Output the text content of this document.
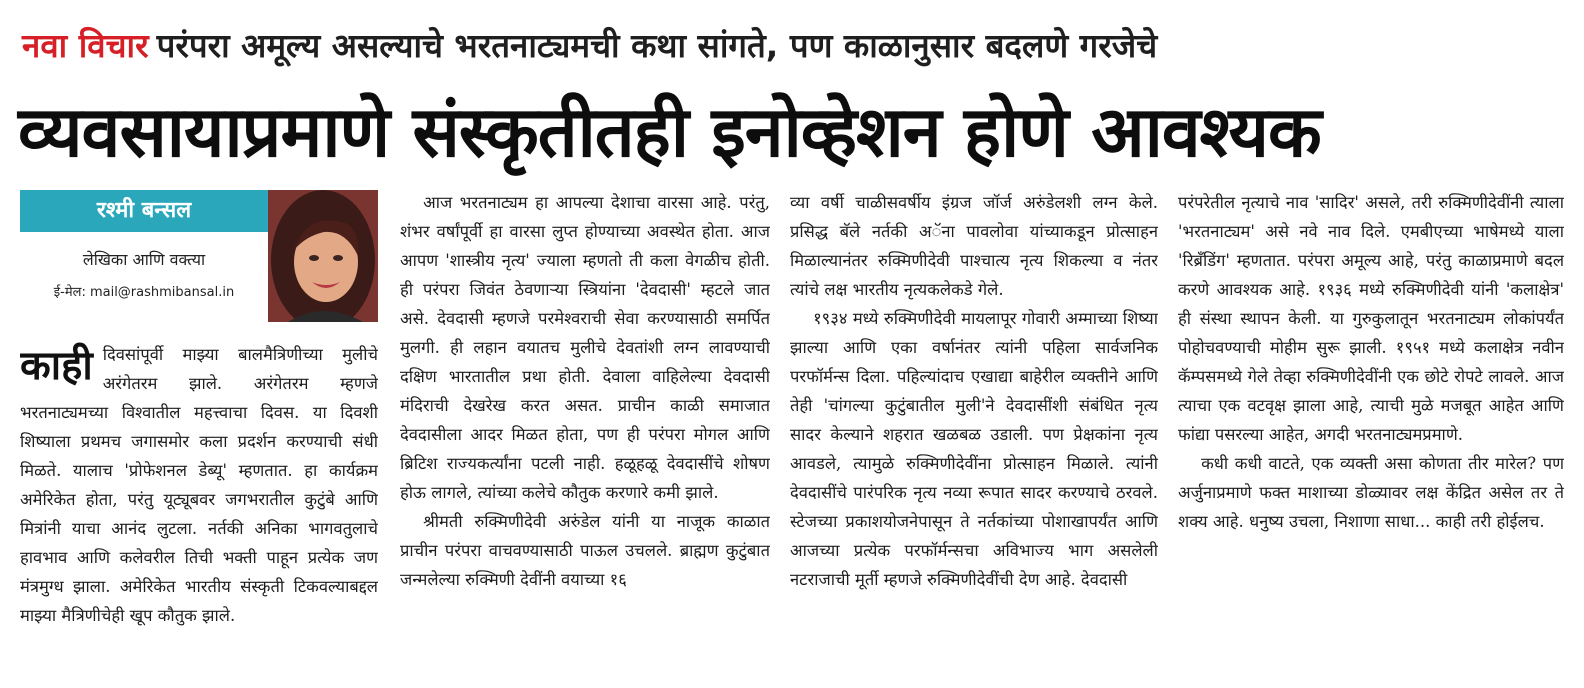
नवा विचार परंपरा अमूल्य असल्याचे भरतनाट्यमची कथा सांगते, पण काळानुसार बदलणे गरजेचे
व्यवसायाप्रमाणे संस्कृतीतही इनोव्हेशन होणे आवश्यक
रश्मी बन्सल
लेखिका आणि वक्त्या
ई-मेल: mail@rashmibansal.in

काही दिवसांपूर्वी माझ्या बालमैत्रिणीच्या मुलीचे अरंगेतरम झाले. अरंगेतरम म्हणजे भरतनाट्यमच्या विश्वातील महत्त्वाचा दिवस. या दिवशी शिष्याला प्रथमच जगासमोर कला प्रदर्शन करण्याची संधी मिळते. यालाच 'प्रोफेशनल डेब्यू' म्हणतात. हा कार्यक्रम अमेरिकेत होता, परंतु यूट्यूबवर जगभरातील कुटुंबे आणि मित्रांनी याचा आनंद लुटला. नर्तकी अनिका भागवतुलाचे हावभाव आणि कलेवरील तिची भक्ती पाहून प्रत्येक जण मंत्रमुग्ध झाला. अमेरिकेत भारतीय संस्कृती टिकवल्याबद्दल माझ्या मैत्रिणीचेही खूप कौतुक झाले.

आज भरतनाट्यम हा आपल्या देशाचा वारसा आहे. परंतु, शंभर वर्षांपूर्वी हा वारसा लुप्त होण्याच्या अवस्थेत होता. आज आपण 'शास्त्रीय नृत्य' ज्याला म्हणतो ती कला वेगळीच होती. ही परंपरा जिवंत ठेवणाऱ्या स्त्रियांना 'देवदासी' म्हटले जात असे. देवदासी म्हणजे परमेश्वराची सेवा करण्यासाठी समर्पित मुलगी. ही लहान वयातच मुलीचे देवतांशी लग्न लावण्याची दक्षिण भारतातील प्रथा होती. देवाला वाहिलेल्या देवदासी मंदिराची देखरेख करत असत. प्राचीन काळी समाजात देवदासीला आदर मिळत होता, पण ही परंपरा मोगल आणि ब्रिटिश राज्यकर्त्यांना पटली नाही. हळूहळू देवदासींचे शोषण होऊ लागले, त्यांच्या कलेचे कौतुक करणारे कमी झाले.

श्रीमती रुक्मिणीदेवी अरुंडेल यांनी या नाजूक काळात प्राचीन परंपरा वाचवण्यासाठी पाऊल उचलले. ब्राह्मण कुटुंबात जन्मलेल्या रुक्मिणी देवींनी वयाच्या १६

व्या वर्षी चाळीसवर्षीय इंग्रज जॉर्ज अरुंडेलशी लग्न केले. प्रसिद्ध बॅले नर्तकी अॅना पावलोवा यांच्याकडून प्रोत्साहन मिळाल्यानंतर रुक्मिणीदेवी पाश्चात्य नृत्य शिकल्या व नंतर त्यांचे लक्ष भारतीय नृत्यकलेकडे गेले.

१९३४ मध्ये रुक्मिणीदेवी मायलापूर गोवारी अम्माच्या शिष्या झाल्या आणि एका वर्षानंतर त्यांनी पहिला सार्वजनिक परफॉर्मन्स दिला. पहिल्यांदाच एखाद्या बाहेरील व्यक्तीने आणि तेही 'चांगल्या कुटुंबातील मुली'ने देवदासींशी संबंधित नृत्य सादर केल्याने शहरात खळबळ उडाली. पण प्रेक्षकांना नृत्य आवडले, त्यामुळे रुक्मिणीदेवींना प्रोत्साहन मिळाले. त्यांनी देवदासींचे पारंपरिक नृत्य नव्या रूपात सादर करण्याचे ठरवले. स्टेजच्या प्रकाशयोजनेपासून ते नर्तकांच्या पोशाखापर्यंत आणि आजच्या प्रत्येक परफॉर्मन्सचा अविभाज्य भाग असलेली नटराजाची मूर्ती म्हणजे रुक्मिणीदेवींची देण आहे. देवदासी

परंपरेतील नृत्याचे नाव 'सादिर' असले, तरी रुक्मिणीदेवींनी त्याला 'भरतनाट्यम' असे नवे नाव दिले. एमबीएच्या भाषेमध्ये याला 'रिब्रँडिंग' म्हणतात. परंपरा अमूल्य आहे, परंतु काळाप्रमाणे बदल करणे आवश्यक आहे. १९३६ मध्ये रुक्मिणीदेवी यांनी 'कलाक्षेत्र' ही संस्था स्थापन केली. या गुरुकुलातून भरतनाट्यम लोकांपर्यंत पोहोचवण्याची मोहीम सुरू झाली. १९५१ मध्ये कलाक्षेत्र नवीन कॅम्पसमध्ये गेले तेव्हा रुक्मिणीदेवींनी एक छोटे रोपटे लावले. आज त्याचा एक वटवृक्ष झाला आहे, त्याची मुळे मजबूत आहेत आणि फांद्या पसरल्या आहेत, अगदी भरतनाट्यमप्रमाणे.

कधी कधी वाटते, एक व्यक्ती असा कोणता तीर मारेल? पण अर्जुनाप्रमाणे फक्त माशाच्या डोळ्यावर लक्ष केंद्रित असेल तर ते शक्य आहे. धनुष्य उचला, निशाणा साधा... काही तरी होईलच.
